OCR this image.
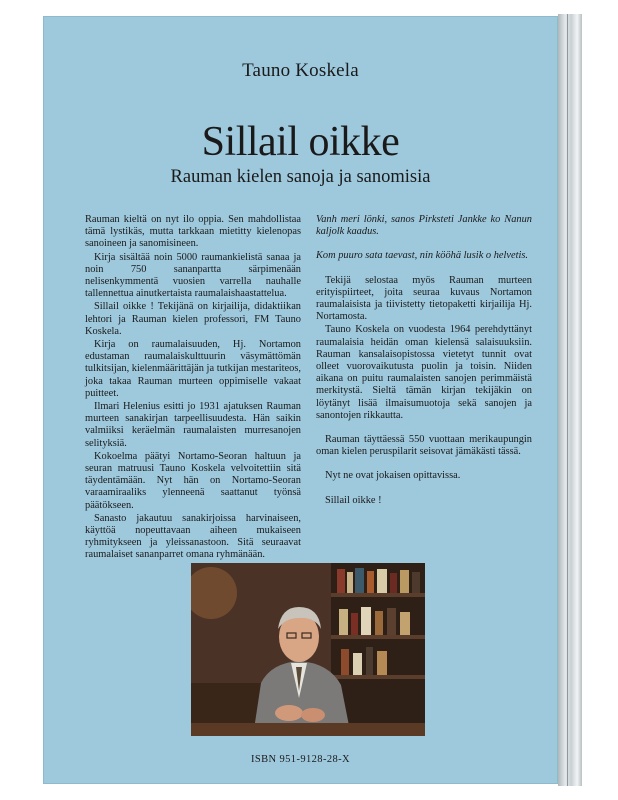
Tauno Koskela
Sillail oikke
Rauman kielen sanoja ja sanomisia

Rauman kieltä on nyt ilo oppia. Sen mahdollistaa tämä lystikäs, mutta tarkkaan mietitty kielenopas sanoineen ja sanomisineen.

Kirja sisältää noin 5000 raumankielistä sanaa ja noin 750 sananpartta särpimenään nelisenkymmentä vuosien varrella nauhalle tallennettua ainutkertaista raumalaishaastattelua.

Sillail oikke ! Tekijänä on kirjailija, didaktiikan lehtori ja Rauman kielen professori, FM Tauno Koskela.

Kirja on raumalaisuuden, Hj. Nortamon edustaman raumalaiskulttuurin väsymättömän tulkitsijan, kielenmäärittäjän ja tutkijan mestariteos, joka takaa Rauman murteen oppimiselle vakaat puitteet.

Ilmari Helenius esitti jo 1931 ajatuksen Rauman murteen sanakirjan tarpeellisuudesta. Hän saikin valmiiksi keräelmän raumalaisten murresanojen selityksiä.

Kokoelma päätyi Nortamo-Seoran haltuun ja seuran matruusi Tauno Koskela velvoitettiin sitä täydentämään. Nyt hän on Nortamo-Seoran varaamiraaliks ylenneenä saattanut työnsä päätökseen.

Sanasto jakautuu sanakirjoissa harvinaiseen, käyttöä nopeuttavaan aiheen mukaiseen ryhmitykseen ja yleissanastoon. Sitä seuraavat raumalaiset sananparret omana ryhmänään.

Vanh meri lönki, sanos Pirksteti Jankke ko Nanun kaljolk kaadus.

Kom puuro sata taevast, nin kööhä lusik o helvetis.

Tekijä selostaa myös Rauman murteen erityispiirteet, joita seuraa kuvaus Nortamon raumalaisista ja tiivistetty tietopaketti kirjailija Hj. Nortamosta.

Tauno Koskela on vuodesta 1964 perehdyttänyt raumalaisia heidän oman kielensä salaisuuksiin. Rauman kansalaisopistossa vietetyt tunnit ovat olleet vuorovaikutusta puolin ja toisin. Niiden aikana on puitu raumalaisten sanojen perimmäistä merkitystä. Sieltä tämän kirjan tekijäkin on löytänyt lisää ilmaisumuotoja sekä sanojen ja sanontojen rikkautta.

Rauman täyttäessä 550 vuottaan merikaupungin oman kielen peruspilarit seisovat jämäkästi tässä.

Nyt ne ovat jokaisen opittavissa.

Sillail oikke !

ISBN 951-9128-28-X
